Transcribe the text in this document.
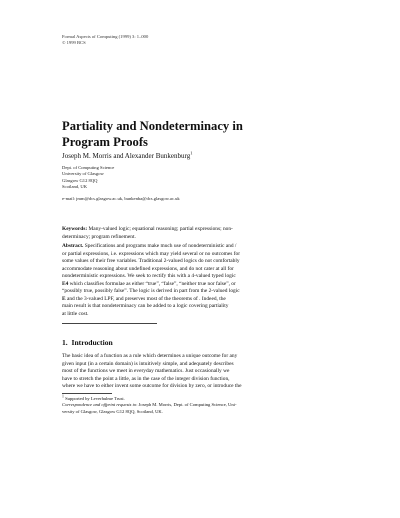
Formal Aspects of Computing (1999) 3: 1–000
© 1999 BCS
Partiality and Nondeterminacy in
Program Proofs
Joseph M. Morris and Alexander Bunkenburg$^1$
Dept. of Computing Science
University of Glasgow
Glasgow G12 8QQ
Scotland, UK
e-mail: jmm@dcs.glasgow.ac.uk, bunkenba@dcs.glasgow.ac.uk
Keywords: Many-valued logic; equational reasoning; partial expressions; non-
determinacy; program refinement.
Abstract. Specifications and programs make much use of nondeterministic and /
or partial expressions, i.e. expressions which may yield several or no outcomes for
some values of their free variables. Traditional 2-valued logics do not comfortably
accommodate reasoning about undefined expressions, and do not cater at all for
nondeterministic expressions. We seek to rectify this with a 4-valued typed logic
E4 which classifies formulae as either “true”, “false”, “neither true nor false”, or
“possibly true, possibly false”. The logic is derived in part from the 2-valued logic
E and the 3-valued LPF, and preserves most of the theorems of . Indeed, the
main result is that nondeterminacy can be added to a logic covering partiality
at little cost.
1. Introduction
The basic idea of a function as a rule which determines a unique outcome for any
given input (in a certain domain) is intuitively simple, and adequately describes
most of the functions we meet in everyday mathematics. Just occasionally we
have to stretch the point a little, as in the case of the integer division function,
where we have to either invent some outcome for division by zero, or introduce the
$^1$ Supported by Leverhulme Trust.
Correspondence and offprint requests to: Joseph M. Morris, Dept. of Computing Science, Uni-
versity of Glasgow, Glasgow G12 8QQ, Scotland, UK.
